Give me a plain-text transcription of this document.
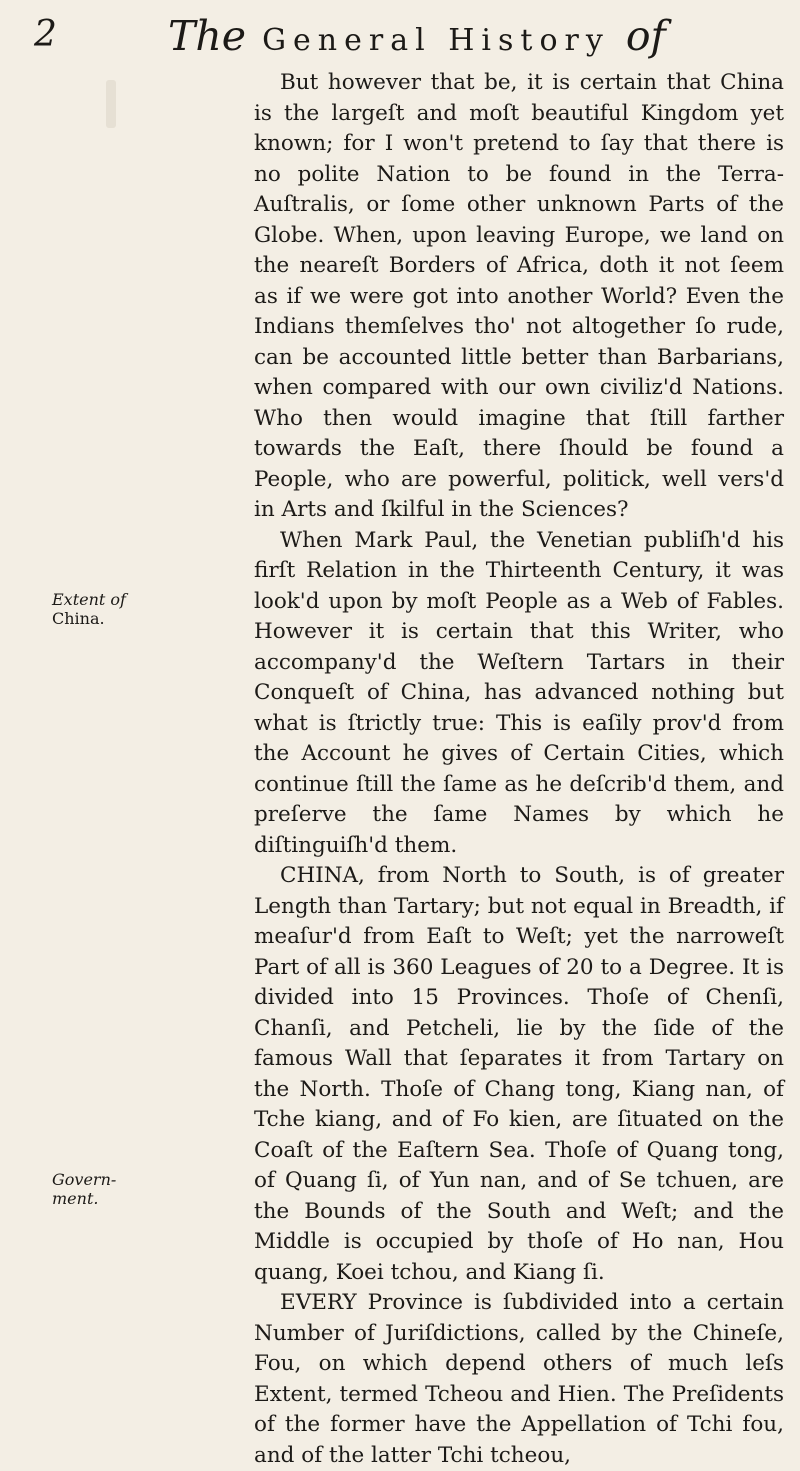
2	The General History of

But however that be, it is certain that China is the largeſt and moſt beautiful Kingdom yet known; for I won't pretend to ſay that there is no polite Nation to be found in the Terra-Auſtralis, or ſome other unknown Parts of the Globe. When, upon leaving Europe, we land on the neareſt Borders of Africa, doth it not ſeem as if we were got into another World? Even the Indians themſelves tho' not altogether ſo rude, can be accounted little better than Barbarians, when compared with our own civiliz'd Nations. Who then would imagine that ſtill farther towards the Eaſt, there ſhould be found a People, who are powerful, politick, well vers'd in Arts and ſkilful in the Sciences?

When Mark Paul, the Venetian publiſh'd his firſt Relation in the Thirteenth Century, it was look'd upon by moſt People as a Web of Fables. However it is certain that this Writer, who accompany'd the Weſtern Tartars in their Conqueſt of China, has advanced nothing but what is ſtrictly true: This is eaſily prov'd from the Account he gives of Certain Cities, which continue ſtill the ſame as he deſcrib'd them, and preſerve the ſame Names by which he diſtinguiſh'd them.

CHINA, from North to South, is of greater Length than Tartary; but not equal in Breadth, if meaſur'd from Eaſt to Weſt; yet the narroweſt Part of all is 360 Leagues of 20 to a Degree. It is divided into 15 Provinces. Thoſe of Chenſi, Chanſi, and Petcheli, lie by the ſide of the famous Wall that ſeparates it from Tartary on the North. Thoſe of Chang tong, Kiang nan, of Tche kiang, and of Fo kien, are ſituated on the Coaſt of the Eaſtern Sea. Thoſe of Quang tong, of Quang ſi, of Yun nan, and of Se tchuen, are the Bounds of the South and Weſt; and the Middle is occupied by thoſe of Ho nan, Hou quang, Koei tchou, and Kiang ſi.

EVERY Province is ſubdivided into a certain Number of Juriſdictions, called by the Chineſe, Fou, on which depend others of much leſs Extent, termed Tcheou and Hien. The Preſidents of the former have the Appellation of Tchi fou, and of the latter Tchi tcheou,

Extent of
China.
Govern-
ment.
